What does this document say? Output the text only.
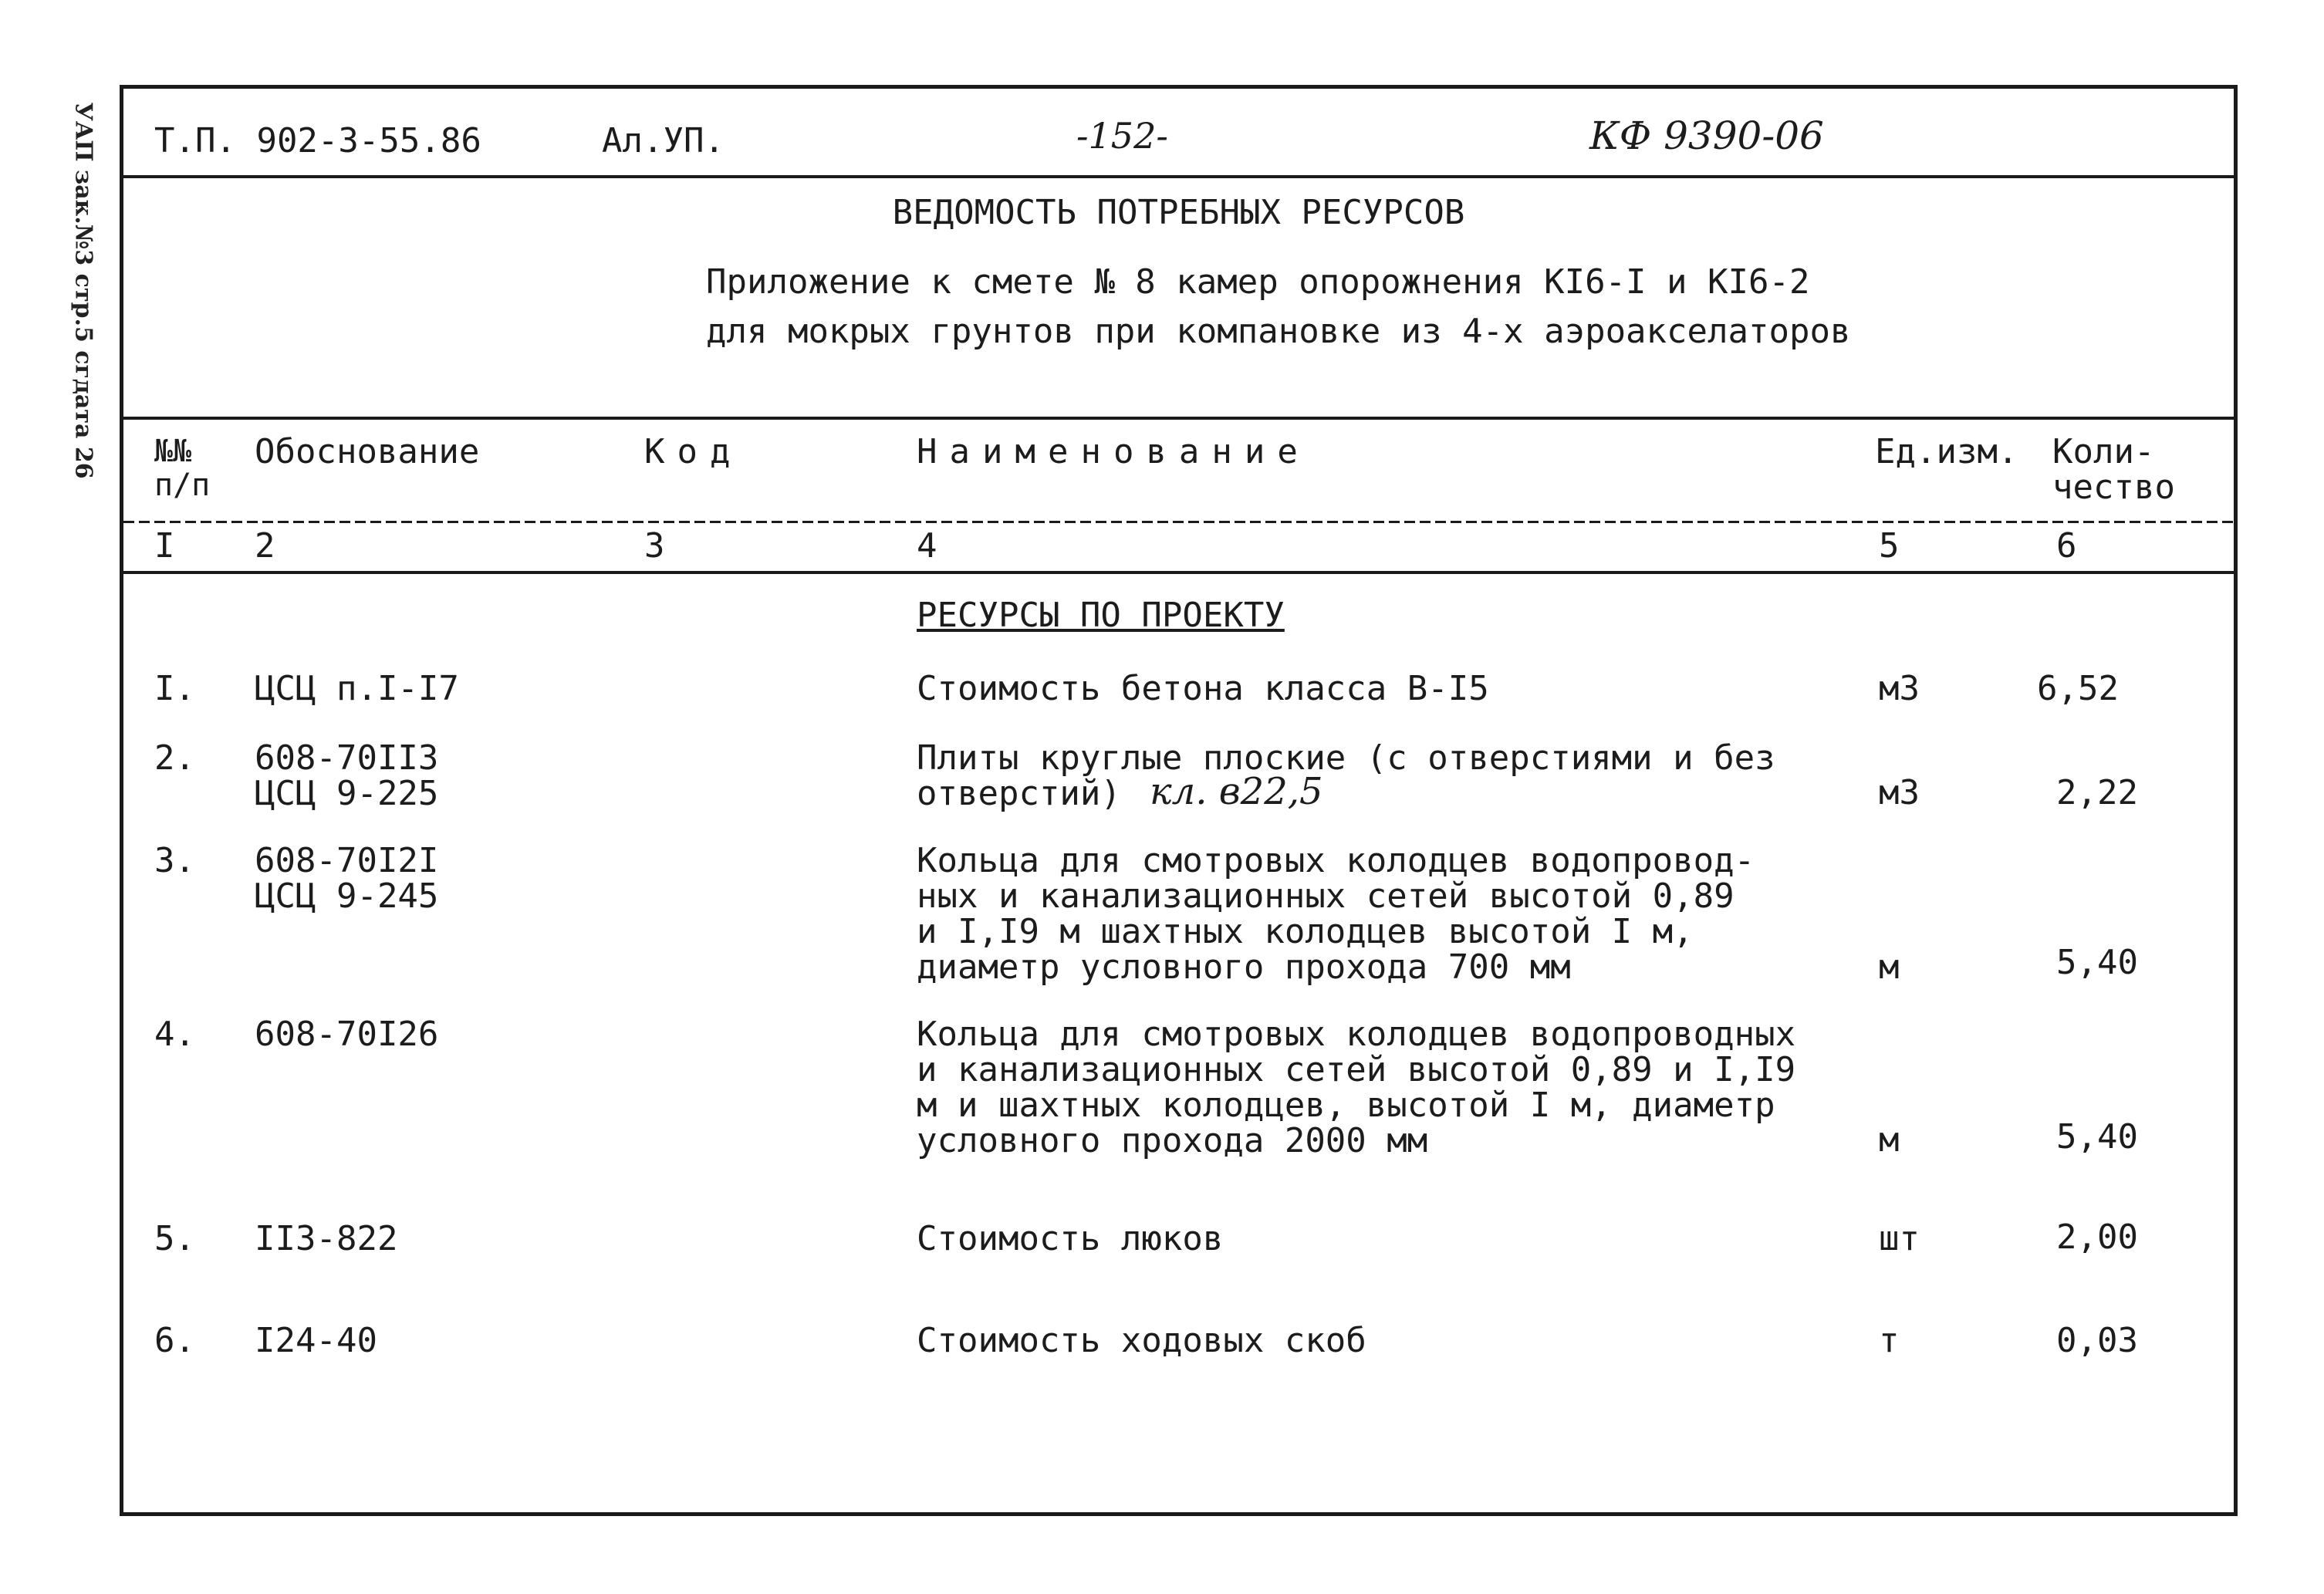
УАП зак.№3 стр.5 сгдата 26 Т.П. 902-3-55.86	Ал.УП.	-152-	КФ 9390-06
ВЕДОМОСТЬ ПОТРЕБНЫХ РЕСУРСОВ
Приложение к смете № 8 камер опорожнения КI6-I и КI6-2
для мокрых грунтов при компановке из 4-х аэроакселаторов
№№
п/п
Обоснование	Код	Наименование	Ед.изм. Коли-
чество
I 2	3	4	5	6
РЕСУРСЫ ПО ПРОЕКТУ
I. ЦСЦ п.I-I7	Стоимость бетона класса В-I5	м3	6,52
2. 608-70II3
ЦСЦ 9-225
Плиты круглые плоские (с отверстиями и без
отверстий) кл. в22,5	м3	2,22
3. 608-70I2I
ЦСЦ 9-245
Кольца для смотровых колодцев водопровод-
ных и канализационных сетей высотой 0,89
и I,I9 м шахтных колодцев высотой I м,
диаметр условного прохода 700 мм	м	5,40
4. 608-70I26	Кольца для смотровых колодцев водопроводных
и канализационных сетей высотой 0,89 и I,I9
м и шахтных колодцев, высотой I м, диаметр
условного прохода 2000 мм	м	5,40
5. II3-822	Стоимость люков	шт	2,00
6. I24-40	Стоимость ходовых скоб	т	0,03
